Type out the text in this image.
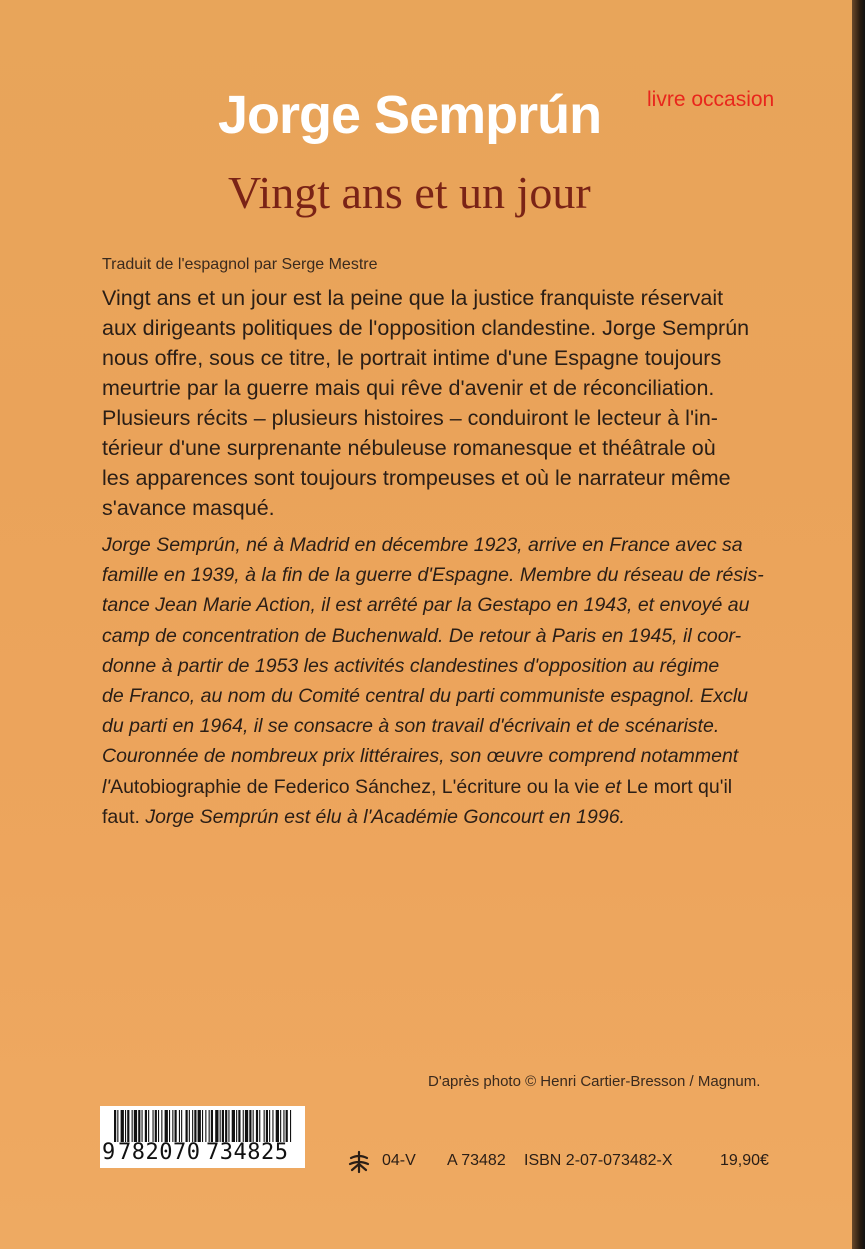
Jorge Semprún livre occasion
Vingt ans et un jour
Traduit de l'espagnol par Serge Mestre
Vingt ans et un jour est la peine que la justice franquiste réservait
aux dirigeants politiques de l'opposition clandestine. Jorge Semprún
nous offre, sous ce titre, le portrait intime d'une Espagne toujours
meurtrie par la guerre mais qui rêve d'avenir et de réconciliation.
Plusieurs récits – plusieurs histoires – conduiront le lecteur à l'in-
térieur d'une surprenante nébuleuse romanesque et théâtrale où
les apparences sont toujours trompeuses et où le narrateur même
s'avance masqué.
Jorge Semprún, né à Madrid en décembre 1923, arrive en France avec sa
famille en 1939, à la fin de la guerre d'Espagne. Membre du réseau de résis-
tance Jean Marie Action, il est arrêté par la Gestapo en 1943, et envoyé au
camp de concentration de Buchenwald. De retour à Paris en 1945, il coor-
donne à partir de 1953 les activités clandestines d'opposition au régime
de Franco, au nom du Comité central du parti communiste espagnol. Exclu
du parti en 1964, il se consacre à son travail d'écrivain et de scénariste.
Couronnée de nombreux prix littéraires, son œuvre comprend notamment
l'Autobiographie de Federico Sánchez, L'écriture ou la vie et Le mort qu'il
faut. Jorge Semprún est élu à l'Académie Goncourt en 1996.
D'après photo © Henri Cartier-Bresson / Magnum.
9 782070 734825	04-V A 73482 ISBN 2-07-073482-X	19,90€
